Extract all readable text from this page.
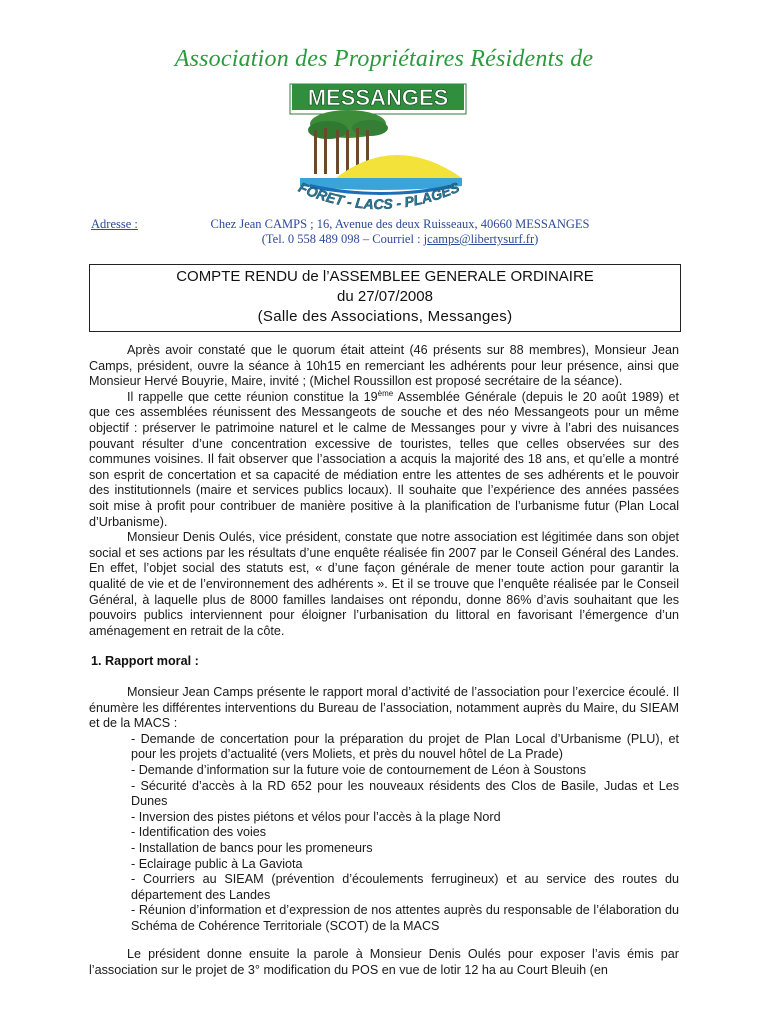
Association des Propriétaires Résidents de
MESSANGES
FORET - LACS - PLAGES
Adresse :	Chez Jean CAMPS ; 16, Avenue des deux Ruisseaux, 40660 MESSANGES
(Tel. 0 558 489 098 – Courriel : jcamps@libertysurf.fr)
COMPTE RENDU de l’ASSEMBLEE GENERALE ORDINAIRE
du 27/07/2008
(Salle des Associations, Messanges)

Après avoir constaté que le quorum était atteint (46 présents sur 88 membres), Monsieur Jean Camps, président, ouvre la séance à 10h15 en remerciant les adhérents pour leur présence, ainsi que Monsieur Hervé Bouyrie, Maire, invité ; (Michel Roussillon est proposé secrétaire de la séance).

Il rappelle que cette réunion constitue la 19ème Assemblée Générale (depuis le 20 août 1989) et que ces assemblées réunissent des Messangeots de souche et des néo Messangeots pour un même objectif : préserver le patrimoine naturel et le calme de Messanges pour y vivre à l’abri des nuisances pouvant résulter d’une concentration excessive de touristes, telles que celles observées sur des communes voisines. Il fait observer que l’association a acquis la majorité des 18 ans, et qu’elle a montré son esprit de concertation et sa capacité de médiation entre les attentes de ses adhérents et le pouvoir des institutionnels (maire et services publics locaux). Il souhaite que l’expérience des années passées soit mise à profit pour contribuer de manière positive à la planification de l’urbanisme futur (Plan Local d’Urbanisme).

Monsieur Denis Oulés, vice président, constate que notre association est légitimée dans son objet social et ses actions par les résultats d’une enquête réalisée fin 2007 par le Conseil Général des Landes. En effet, l’objet social des statuts est, « d’une façon générale de mener toute action pour garantir la qualité de vie et de l’environnement des adhérents ». Et il se trouve que l’enquête réalisée par le Conseil Général, à laquelle plus de 8000 familles landaises ont répondu, donne 86% d’avis souhaitant que les pouvoirs publics interviennent pour éloigner l’urbanisation du littoral en favorisant l’émergence d’un aménagement en retrait de la côte.

1. Rapport moral :

Monsieur Jean Camps présente le rapport moral d’activité de l’association pour l’exercice écoulé. Il énumère les différentes interventions du Bureau de l’association, notamment auprès du Maire, du SIEAM et de la MACS :

- Demande de concertation pour la préparation du projet de Plan Local d’Urbanisme (PLU), et pour les projets d’actualité (vers Moliets, et près du nouvel hôtel de La Prade)
- Demande d’information sur la future voie de contournement de Léon à Soustons
- Sécurité d’accès à la RD 652 pour les nouveaux résidents des Clos de Basile, Judas et Les Dunes
- Inversion des pistes piétons et vélos pour l’accès à la plage Nord
- Identification des voies
- Installation de bancs pour les promeneurs
- Eclairage public à La Gaviota
- Courriers au SIEAM (prévention d’écoulements ferrugineux) et au service des routes du département des Landes
- Réunion d’information et d’expression de nos attentes auprès du responsable de l’élaboration du Schéma de Cohérence Territoriale (SCOT) de la MACS

Le président donne ensuite la parole à Monsieur Denis Oulés pour exposer l’avis émis par l’association sur le projet de 3° modification du POS en vue de lotir 12 ha au Court Bleuih (en
